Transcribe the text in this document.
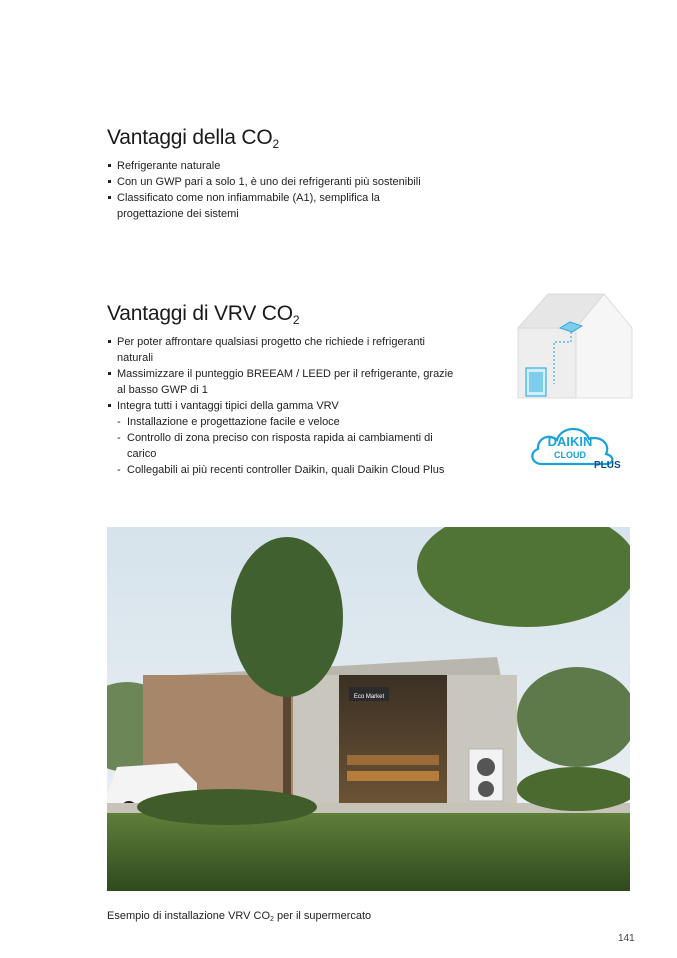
Vantaggi della $CO_2$
Refrigerante naturale
Con un GWP pari a solo 1, è uno dei refrigeranti più sostenibili
Classificato come non infiammabile (A1), semplifica la progettazione dei sistemi
Vantaggi di VRV $CO_2$
Per poter affrontare qualsiasi progetto che richiede i refrigeranti naturali
Massimizzare il punteggio BREEAM / LEED per il refrigerante, grazie al basso GWP di 1
Integra tutti i vantaggi tipici della gamma VRV
- Installazione e progettazione facile e veloce
- Controllo di zona preciso con risposta rapida ai cambiamenti di carico
- Collegabili ai più recenti controller Daikin, quali Daikin Cloud Plus
DAIKIN
CLOUD
PLUS
Eco Market
Esempio di installazione VRV $CO_2$ per il supermercato
141
